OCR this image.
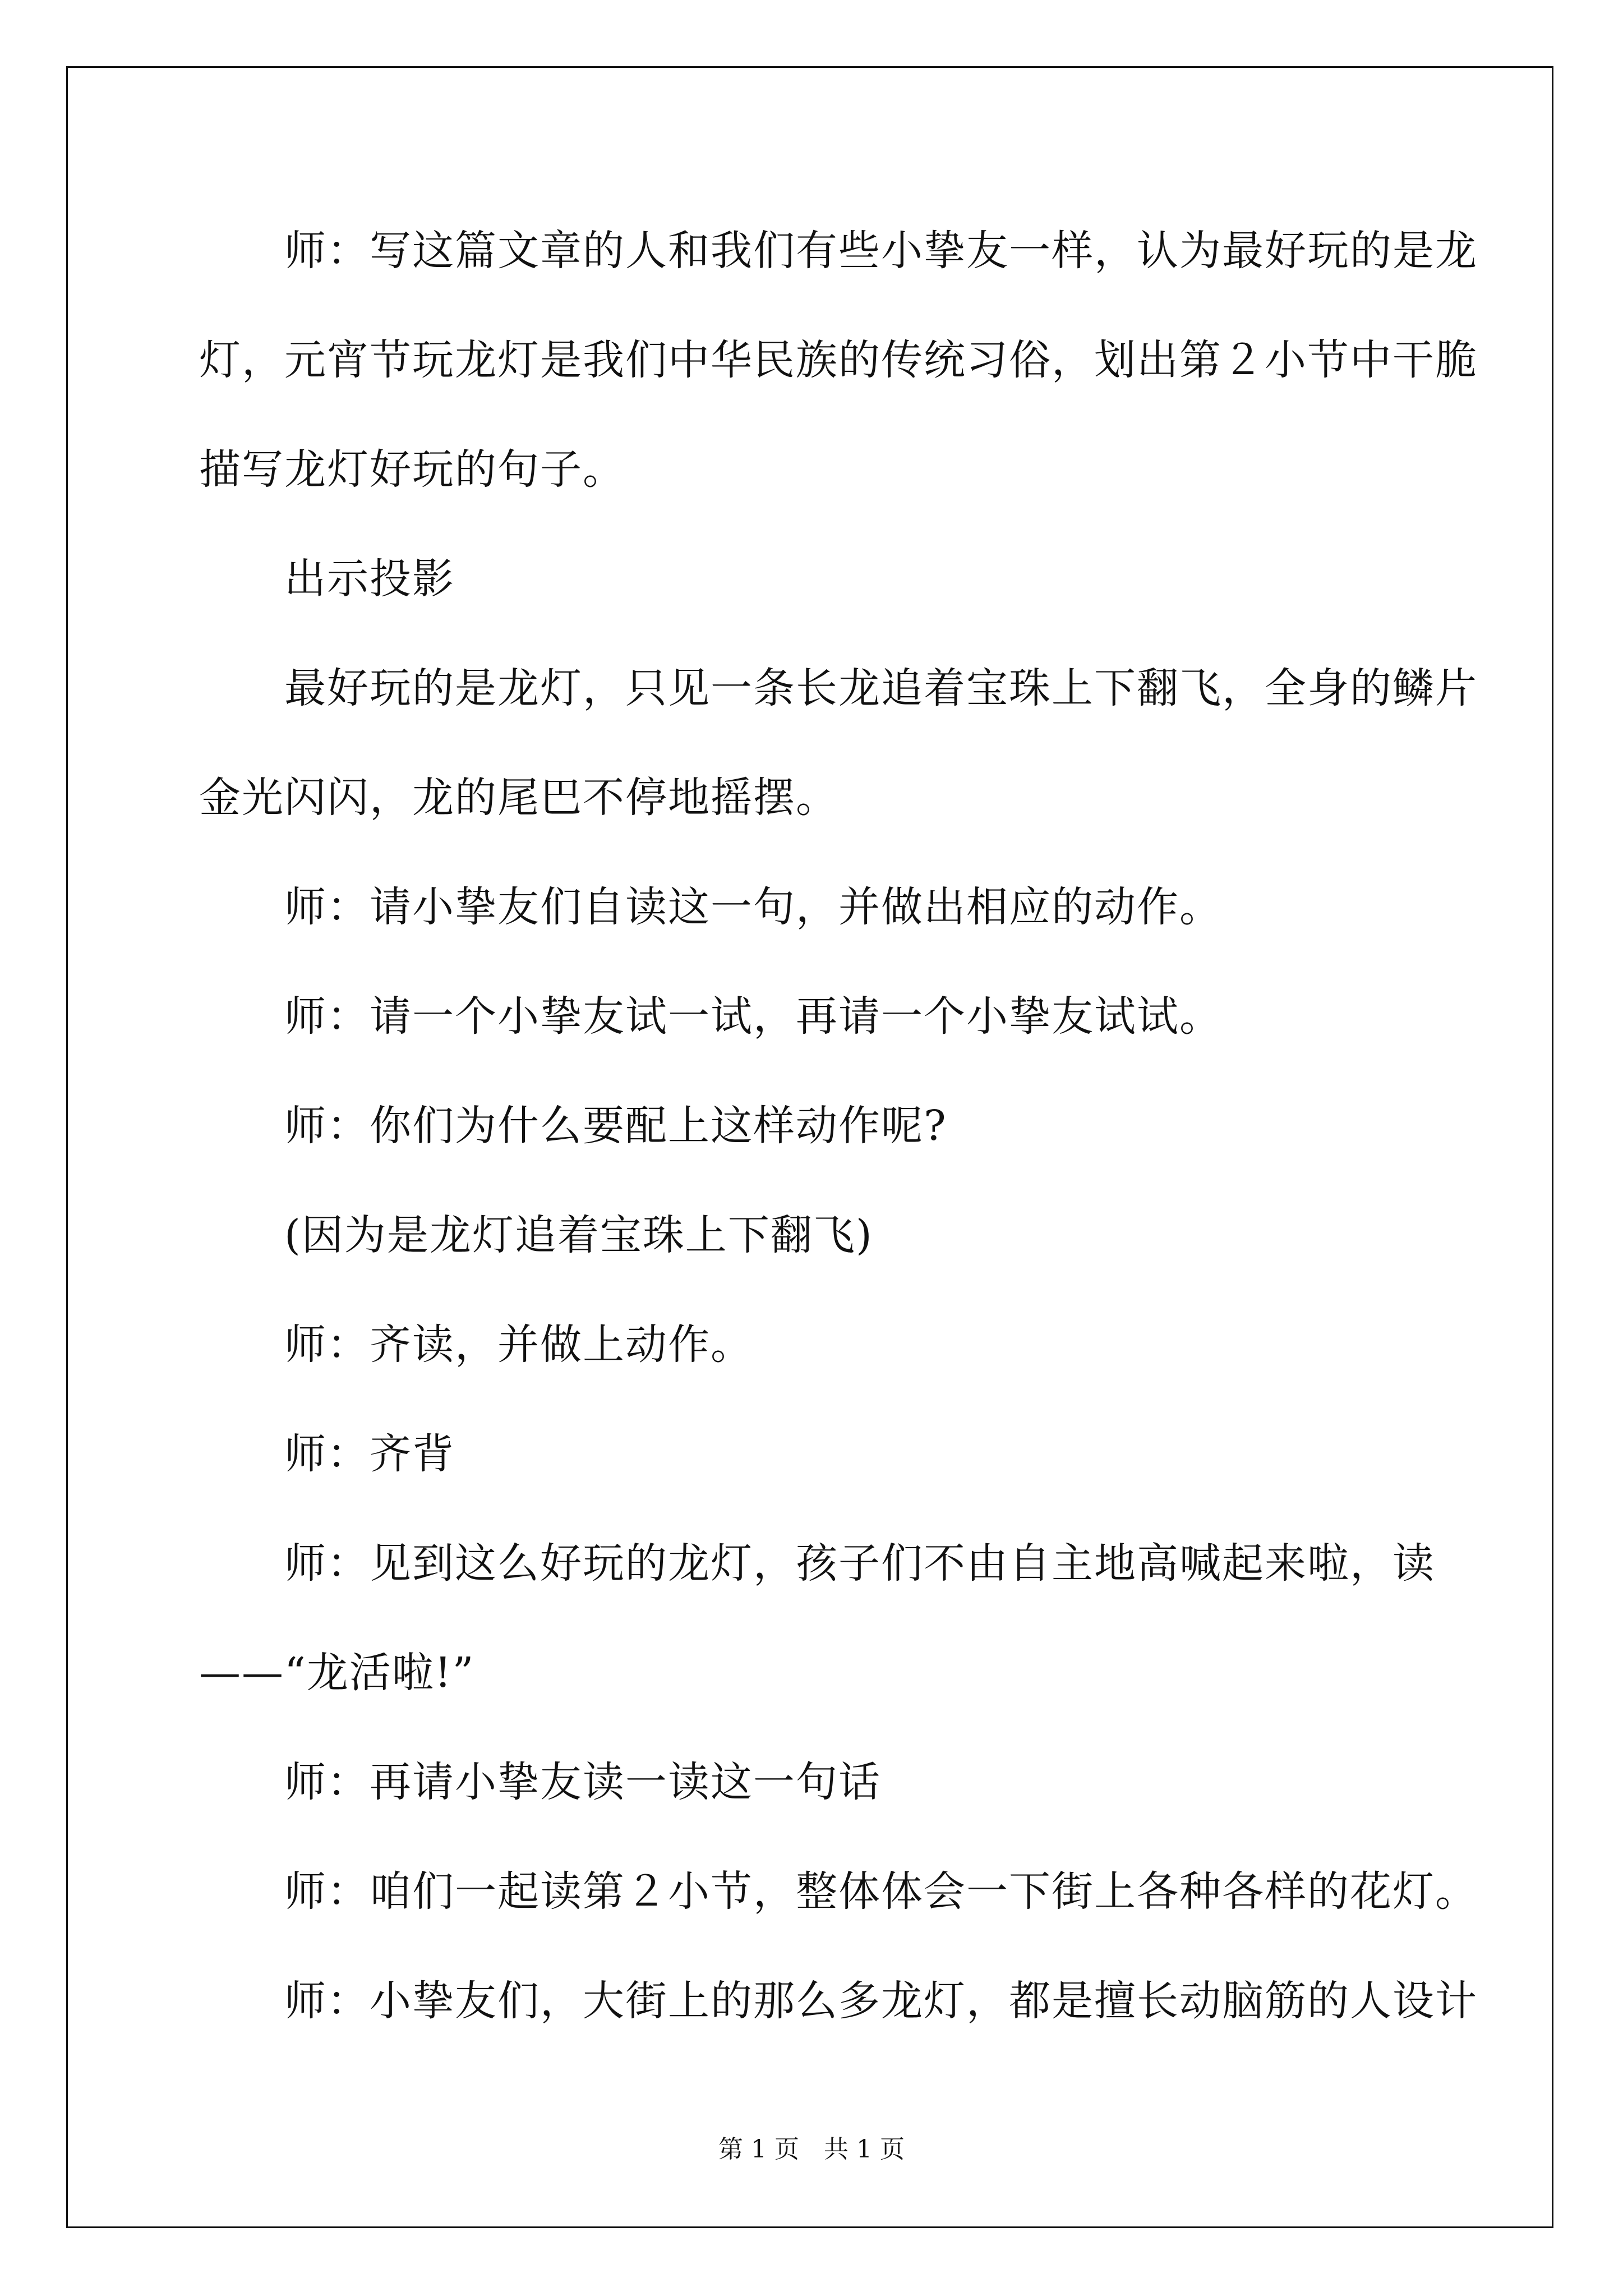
　　师：写这篇文章的人和我们有些小挚友一样，认为最好玩的是龙
灯，元宵节玩龙灯是我们中华民族的传统习俗，划出第２小节中干脆
描写龙灯好玩的句子。
　　出示投影
　　最好玩的是龙灯，只见一条长龙追着宝珠上下翻飞，全身的鳞片
金光闪闪，龙的尾巴不停地摇摆。
　　师：请小挚友们自读这一句，并做出相应的动作。
　　师：请一个小挚友试一试，再请一个小挚友试试。
　　师：你们为什么要配上这样动作呢?
　　(因为是龙灯追着宝珠上下翻飞)
　　师：齐读，并做上动作。
　　师：齐背
　　师：见到这么好玩的龙灯，孩子们不由自主地高喊起来啦，读
——“龙活啦!”
　　师：再请小挚友读一读这一句话
　　师：咱们一起读第２小节，整体体会一下街上各种各样的花灯。
　　师：小挚友们，大街上的那么多龙灯，都是擅长动脑筋的人设计
第 1 页　共 1 页
